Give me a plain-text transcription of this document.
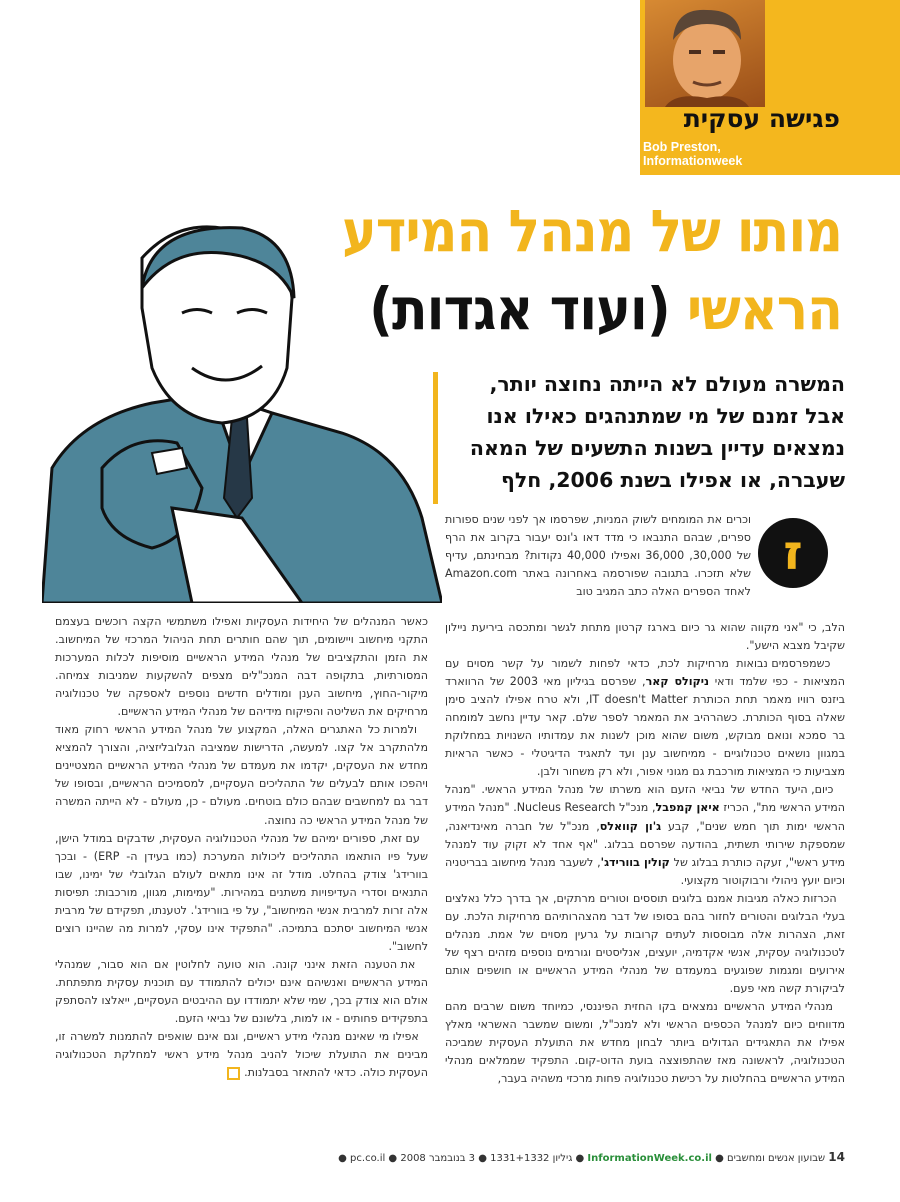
פגישה עסקית
Bob Preston,
Informationweek
מותו של מנהל המידע
הראשי (ועוד אגדות)
המשרה מעולם לא הייתה נחוצה יותר, אבל זמנם של מי שמתנהגים כאילו אנו נמצאים עדיין בשנות התשעים של המאה שעברה, או אפילו בשנת 2006, חלף
ז

וכרים את המומחים לשוק המניות, שפרסמו אך לפני שנים ספורות ספרים, שבהם התנבאו כי מדד דאו ג'ונס יעבור בקרוב את הרף של 30,000, 36,000 ואפילו 40,000 נקודות? מבחינתם, עדיף שלא תזכרו. בתגובה שפורסמה באחרונה באתר Amazon.com לאחד הספרים האלה כתב המגיב טוב

הלב, כי "אני מקווה שהוא גר כיום בארגז קרטון מתחת לגשר ומתכסה ביריעת ניילון שקיבל מצבא הישע".

כשמפרסמים נבואות מרחיקות לכת, כדאי לפחות לשמור על קשר מסוים עם המציאות - כפי שלמד ודאי ניקולס קאר, שפרסם בגיליון מאי 2003 של הרווארד ביזנס רוויו מאמר תחת הכותרת IT doesn't Matter, ולא טרח אפילו להציב סימן שאלה בסוף הכותרת. כשהרהיב את המאמר לספר שלם. קאר עדיין נחשב למומחה בר סמכא ונואם מבוקש, משום שהוא מוכן לשנות את עמדותיו השנויות במחלוקת במגוון נושאים טכנולוגיים - ממיחשוב ענן ועד לתאגיד הדיגיטלי - כאשר הראיות מצביעות כי המציאות מורכבת גם מגוני אפור, ולא רק משחור ולבן.

כיום, היעד החדש של נביאי הזעם הוא משרתו של מנהל המידע הראשי. "מנהל המידע הראשי מת", הכריז איאן קמפבל, מנכ"ל Nucleus Research. "מנהל המידע הראשי ימות תוך חמש שנים", קבע ג'ון קוואלס, מנכ"ל של חברה מאינדיאנה, שמספקת שירותי תשתית, בהודעה שפרסם בבלוג. "אף אחד לא זקוק עוד למנהל מידע ראשי", זעקה כותרת בבלוג של קולין בוורידג', לשעבר מנהל מיחשוב בבריטניה וכיום יועץ ניהולי ורבוקוטור מקצועי.

הכרזות כאלה מגיבות אמנם בלוגים תוססים וטורים מרתקים, אך בדרך כלל נאלצים בעלי הבלוגים והטורים לחזור בהם בסופו של דבר מהצהרותיהם מרחיקות הלכת. עם זאת, הצהרות אלה מבוססות לעתים קרובות על גרעין מסוים של אמת. מנהלים לטכנולוגיה עסקית, אנשי אקדמיה, יועצים, אנליסטים וגורמים נוספים מזהים רצף של אירועים ומגמות שפוגעים במעמדם של מנהלי המידע הראשיים או חושפים אותם לביקורת קשה מאי פעם.

מנהלי המידע הראשיים נמצאים בקו החזית הפיננסי, כמיוחד משום שרבים מהם מדווחים כיום למנהל הכספים הראשי ולא למנכ"ל, ומשום שמשבר האשראי מאלץ אפילו את התאגידים הגדולים ביותר לבחון מחדש את התועלת העסקית שמביכה הטכנולוגיה, לראשונה מאז שהתפוצצה בועת הדוט-קום. התפקיד שממלאים מנהלי המידע הראשיים בהחלטות על רכישת טכנולוגיה פחות מרכזי משהיה בעבר,

כאשר המנהלים של היחידות העסקיות ואפילו משתמשי הקצה רוכשים בעצמם התקני מיחשוב ויישומים, תוך שהם חותרים תחת הניהול המרכזי של המיחשוב. את הזמן והתקציבים של מנהלי המידע הראשיים מוסיפות לכלות המערכות המסורתיות, בתקופה דבה המנכ"לים מצפים להשקעות שמניבות צמיחה. מיקור-החוץ, מיחשוב הענן ומודלים חדשים נוספים לאספקה של טכנולוגיה מרחיקים את השליטה והפיקוח מידיהם של מנהלי המידע הראשיים.

ולמרות כל האתגרים האלה, המקצוע של מנהל המידע הראשי רחוק מאוד מלהתקרב אל קצו. למעשה, הדרישות שמציבה הגלובליזציה, והצורך להמציא מחדש את העסקים, יקדמו את מעמדם של מנהלי המידע הראשיים המצטיינים ויהפכו אותם לבעלים של התהליכים העסקיים, למסמיכים הראשיים, ובסופו של דבר גם למחשבים שבהם כולם בוטחים. מעולם - כן, מעולם - לא הייתה המשרה של מנהל המידע הראשי כה נחוצה.

עם זאת, ספורים ימיהם של מנהלי הטכנולוגיה העסקית, שדבקים במודל הישן, שעל פיו הותאמו התהליכים ליכולות המערכת (כמו בעידן ה- ERP) - ובכך בוורידג' צודק בהחלט. מודל זה אינו מתאים לעולם הגלובלי של ימינו, שבו התנאים וסדרי העדיפויות משתנים במהירות. "עמימות, מגוון, מורכבות: תפיסות אלה זרות למרבית אנשי המיחשוב", על פי בוורידג'. לטענתו, תפקידם של מרבית אנשי המיחשוב יסתכם בתמיכה. "התפקיד אינו עסקי, למרות מה שהיינו רוצים לחשוב".

את הטענה הזאת אינני קונה. הוא טועה לחלוטין אם הוא סבור, שמנהלי המידע הראשיים ואנשיהם אינם יכולים להתמודד עם תוכנית עסקית מתפתחת. אולם הוא צודק בכך, שמי שלא יתמודדו עם ההיבטים העסקיים, ייאלצו להסתפק בתפקידים פחותים - או למות, בלשונם של נביאי הזעם.

אפילו מי שאינם מנהלי מידע ראשיים, וגם אינם שואפים להתמנות למשרה זו, מבינים את התועלת שיכול להניב מנהל מידע ראשי למחלקת הטכנולוגיה העסקית כולה. כדאי להתאזר בסבלנות.

14 שבועון אנשים ומחשבים ● InformationWeek.co.il ● גיליון 1331+1332 ● 3 בנובמבר 2008 ● pc.co.il ●
